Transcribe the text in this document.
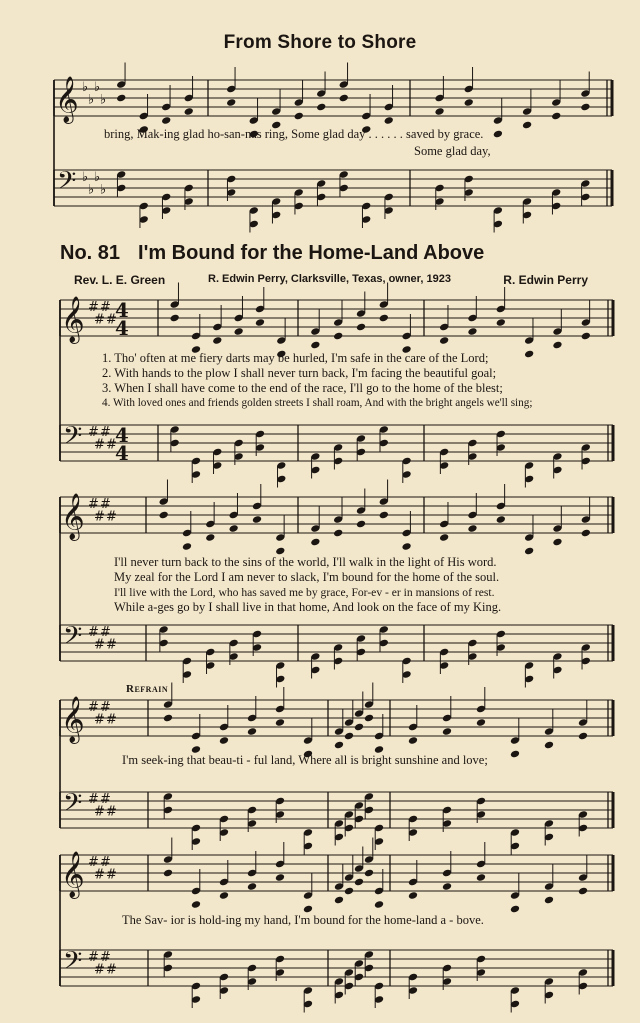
𝄞 ♭
♭
♭
♭
𝄢 ♭
♭
♭
♭
𝄞 #
#
#
#
4
4
𝄢 #
#
#
#
4
4
𝄞 #
#
#
#
𝄢 #
#
#
#
𝄞 #
#
#
#
𝄢 #
#
#
#
𝄞 #
#
#
#
𝄢 #
#
#
#
From Shore to Shore
bring, Mak-ing glad ho-san-nas ring, Some glad day . . . . . . saved by grace.
Some glad day,
No. 81 I'm Bound for the Home-Land Above
Rev. L. E. Green	R. Edwin Perry, Clarksville, Texas, owner, 1923	R. Edwin Perry
1. Tho' often at me fiery darts may be hurled, I'm safe in the care of the Lord;
2. With hands to the plow I shall never turn back, I'm facing the beautiful goal;
3. When I shall have come to the end of the race, I'll go to the home of the blest;
4. With loved ones and friends golden streets I shall roam, And with the bright angels we'll sing;
I'll never turn back to the sins of the world, I'll walk in the light of His word.
My zeal for the Lord I am never to slack, I'm bound for the home of the soul.
I'll live with the Lord, who has saved me by grace, For-ev - er in mansions of rest.
While a-ges go by I shall live in that home, And look on the face of my King.
Refrain
I'm seek-ing that beau-ti - ful land, Where all is bright sunshine and love;
The Sav- ior is hold-ing my hand, I'm bound for the home-land a - bove.
